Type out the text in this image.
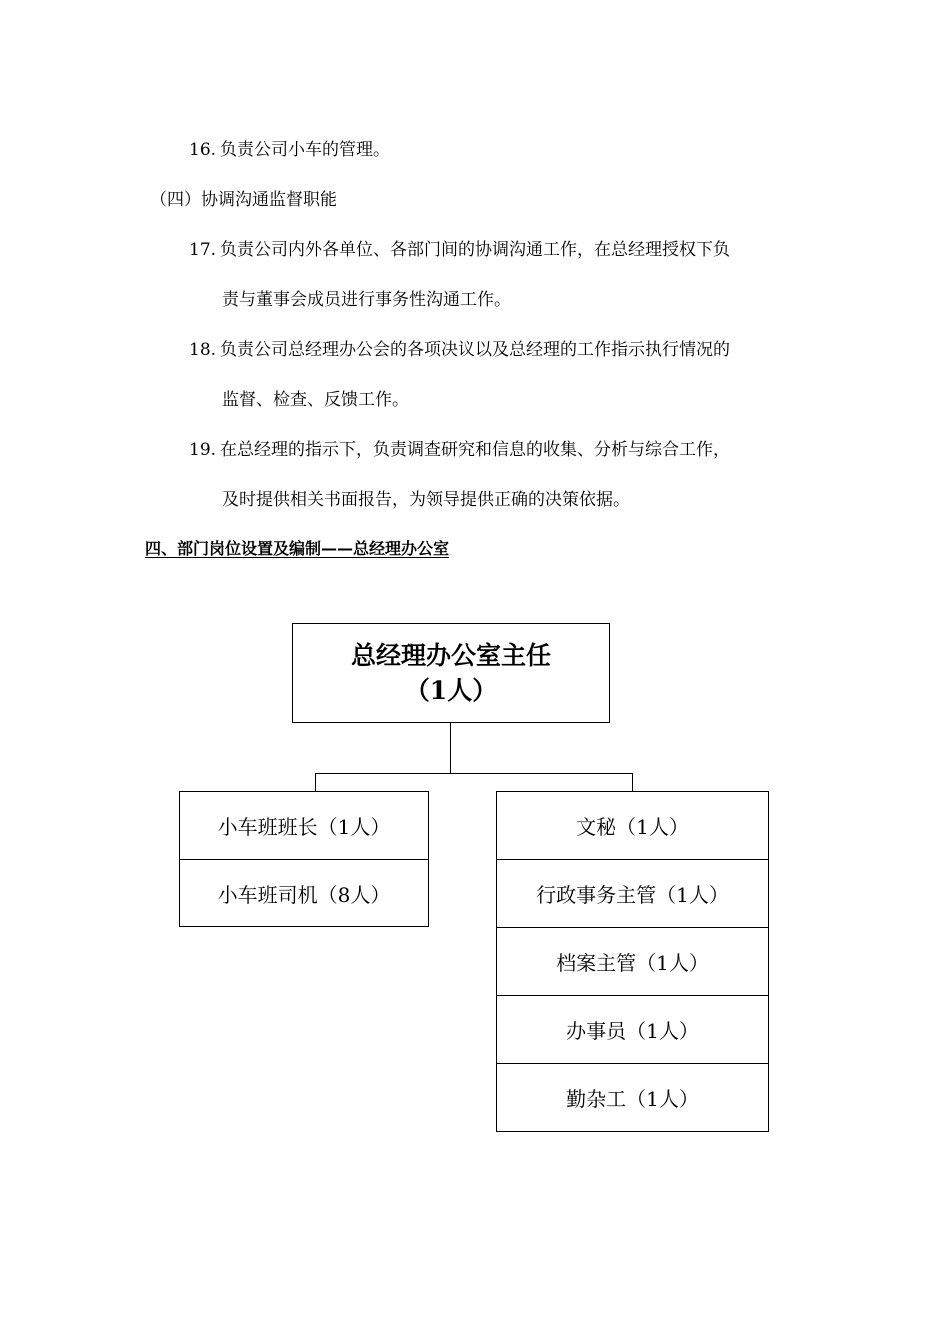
16. 负责公司小车的管理。
（四）协调沟通监督职能
17. 负责公司内外各单位、各部门间的协调沟通工作，在总经理授权下负
责与董事会成员进行事务性沟通工作。
18. 负责公司总经理办公会的各项决议以及总经理的工作指示执行情况的
监督、检查、反馈工作。
19. 在总经理的指示下，负责调查研究和信息的收集、分析与综合工作，
及时提供相关书面报告，为领导提供正确的决策依据。
四、部门岗位设置及编制——总经理办公室
总经理办公室主任
（1人）
小车班班长（1人）
小车班司机（8人）
文秘（1人）
行政事务主管（1人）
档案主管（1人）
办事员（1人）
勤杂工（1人）
